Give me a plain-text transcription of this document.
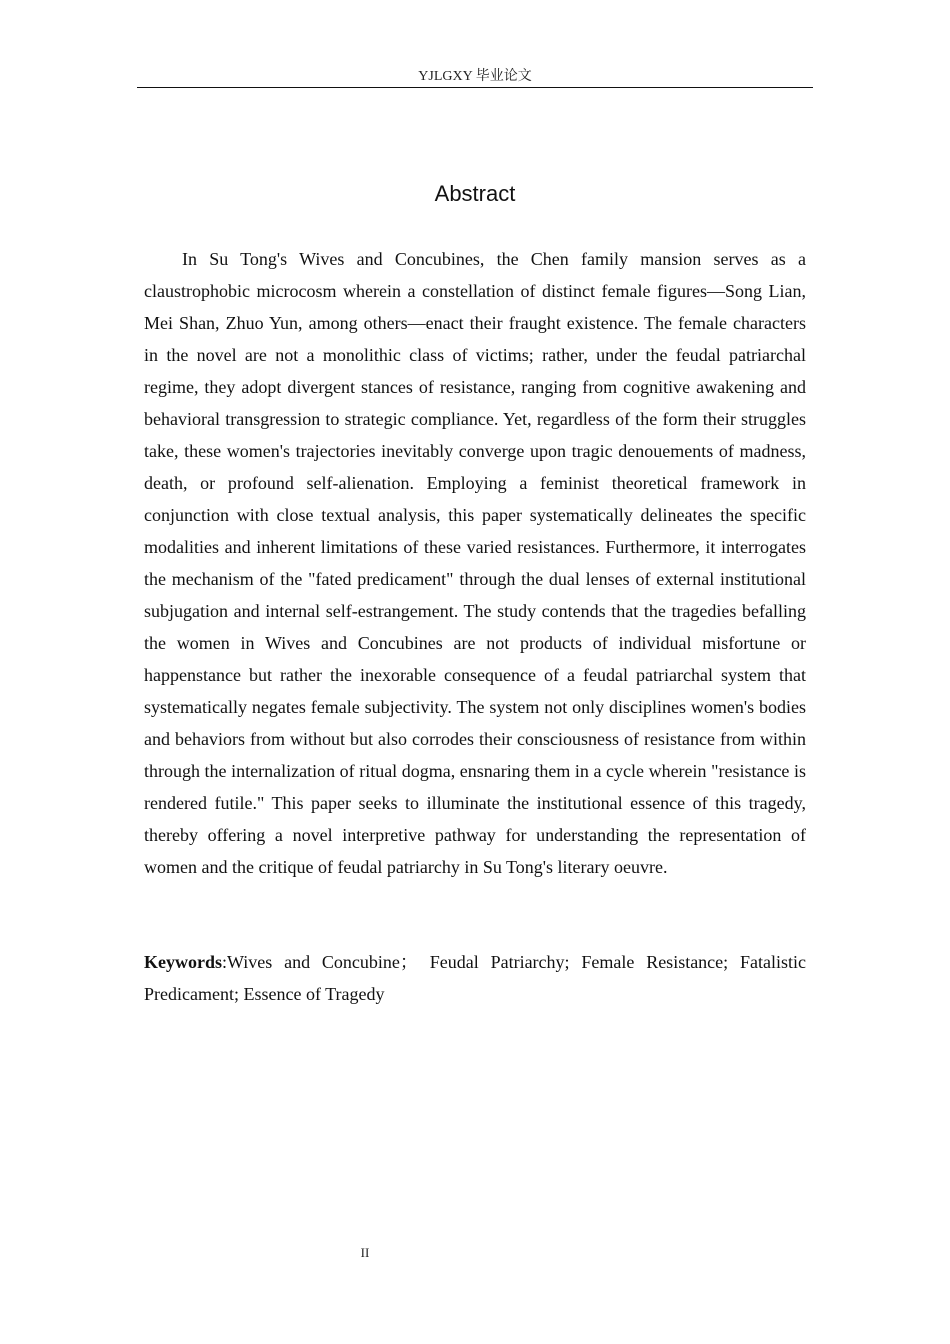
YJLGXY 毕业论文
Abstract

In Su Tong's Wives and Concubines, the Chen family mansion serves as a claustrophobic microcosm wherein a constellation of distinct female figures—Song Lian, Mei Shan, Zhuo Yun, among others—enact their fraught existence. The female characters in the novel are not a monolithic class of victims; rather, under the feudal patriarchal regime, they adopt divergent stances of resistance, ranging from cognitive awakening and behavioral transgression to strategic compliance. Yet, regardless of the form their struggles take, these women's trajectories inevitably converge upon tragic denouements of madness, death, or profound self-alienation. Employing a feminist theoretical framework in conjunction with close textual analysis, this paper systematically delineates the specific modalities and inherent limitations of these varied resistances. Furthermore, it interrogates the mechanism of the "fated predicament" through the dual lenses of external institutional subjugation and internal self-estrangement. The study contends that the tragedies befalling the women in Wives and Concubines are not products of individual misfortune or happenstance but rather the inexorable consequence of a feudal patriarchal system that systematically negates female subjectivity. The system not only disciplines women's bodies and behaviors from without but also corrodes their consciousness of resistance from within through the internalization of ritual dogma, ensnaring them in a cycle wherein "resistance is rendered futile." This paper seeks to illuminate the institutional essence of this tragedy, thereby offering a novel interpretive pathway for understanding the representation of women and the critique of feudal patriarchy in Su Tong's literary oeuvre.

Keywords:Wives and Concubine； Feudal Patriarchy; Female Resistance; Fatalistic Predicament; Essence of Tragedy

II
